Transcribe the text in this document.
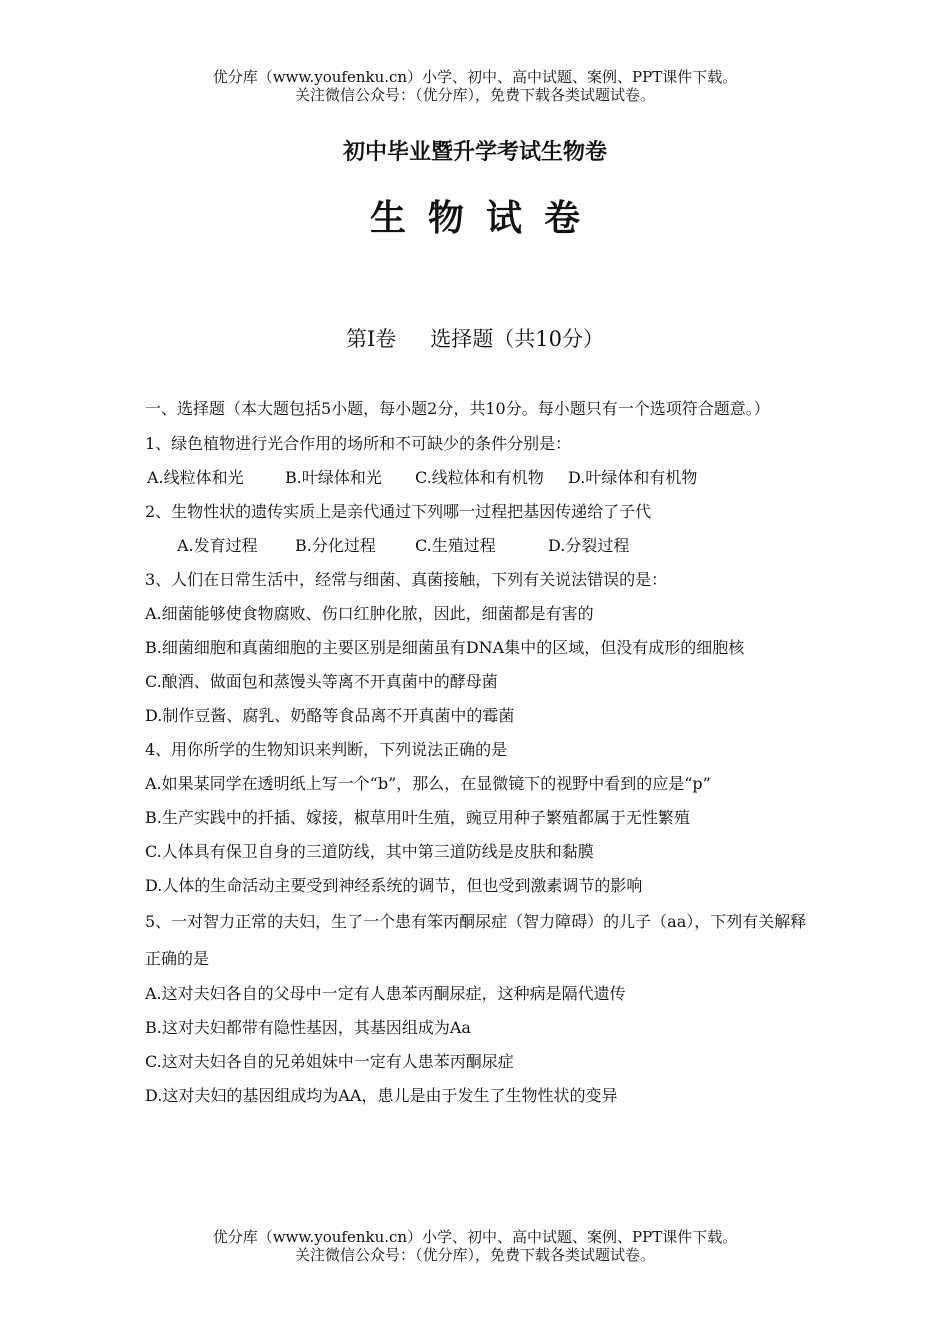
优分库（www.youfenku.cn）小学、初中、高中试题、案例、PPT课件下载。
关注微信公众号：（优分库），免费下载各类试题试卷。
初中毕业暨升学考试生物卷
生物试卷
第I卷 选择题（共10分）
一、选择题（本大题包括5小题，每小题2分，共10分。每小题只有一个选项符合题意。）
1、绿色植物进行光合作用的场所和不可缺少的条件分别是：
A.线粒体和光	B.叶绿体和光 C.线粒体和有机物 D.叶绿体和有机物
2、生物性状的遗传实质上是亲代通过下列哪一过程把基因传递给了子代
A.发育过程 B.分化过程 C.生殖过程	D.分裂过程
3、人们在日常生活中，经常与细菌、真菌接触，下列有关说法错误的是：
A.细菌能够使食物腐败、伤口红肿化脓，因此，细菌都是有害的
B.细菌细胞和真菌细胞的主要区别是细菌虽有DNA集中的区域，但没有成形的细胞核
C.酿酒、做面包和蒸馒头等离不开真菌中的酵母菌
D.制作豆酱、腐乳、奶酪等食品离不开真菌中的霉菌
4、用你所学的生物知识来判断，下列说法正确的是
A.如果某同学在透明纸上写一个“b”，那么，在显微镜下的视野中看到的应是“p”
B.生产实践中的扦插、嫁接，椒草用叶生殖，豌豆用种子繁殖都属于无性繁殖
C.人体具有保卫自身的三道防线，其中第三道防线是皮肤和黏膜
D.人体的生命活动主要受到神经系统的调节，但也受到激素调节的影响
5、一对智力正常的夫妇，生了一个患有笨丙酮尿症（智力障碍）的儿子（aa），下列有关解释正确的是
A.这对夫妇各自的父母中一定有人患苯丙酮尿症，这种病是隔代遗传
B.这对夫妇都带有隐性基因，其基因组成为Aa
C.这对夫妇各自的兄弟姐妹中一定有人患苯丙酮尿症
D.这对夫妇的基因组成均为AA，患儿是由于发生了生物性状的变异
优分库（www.youfenku.cn）小学、初中、高中试题、案例、PPT课件下载。
关注微信公众号：（优分库），免费下载各类试题试卷。
